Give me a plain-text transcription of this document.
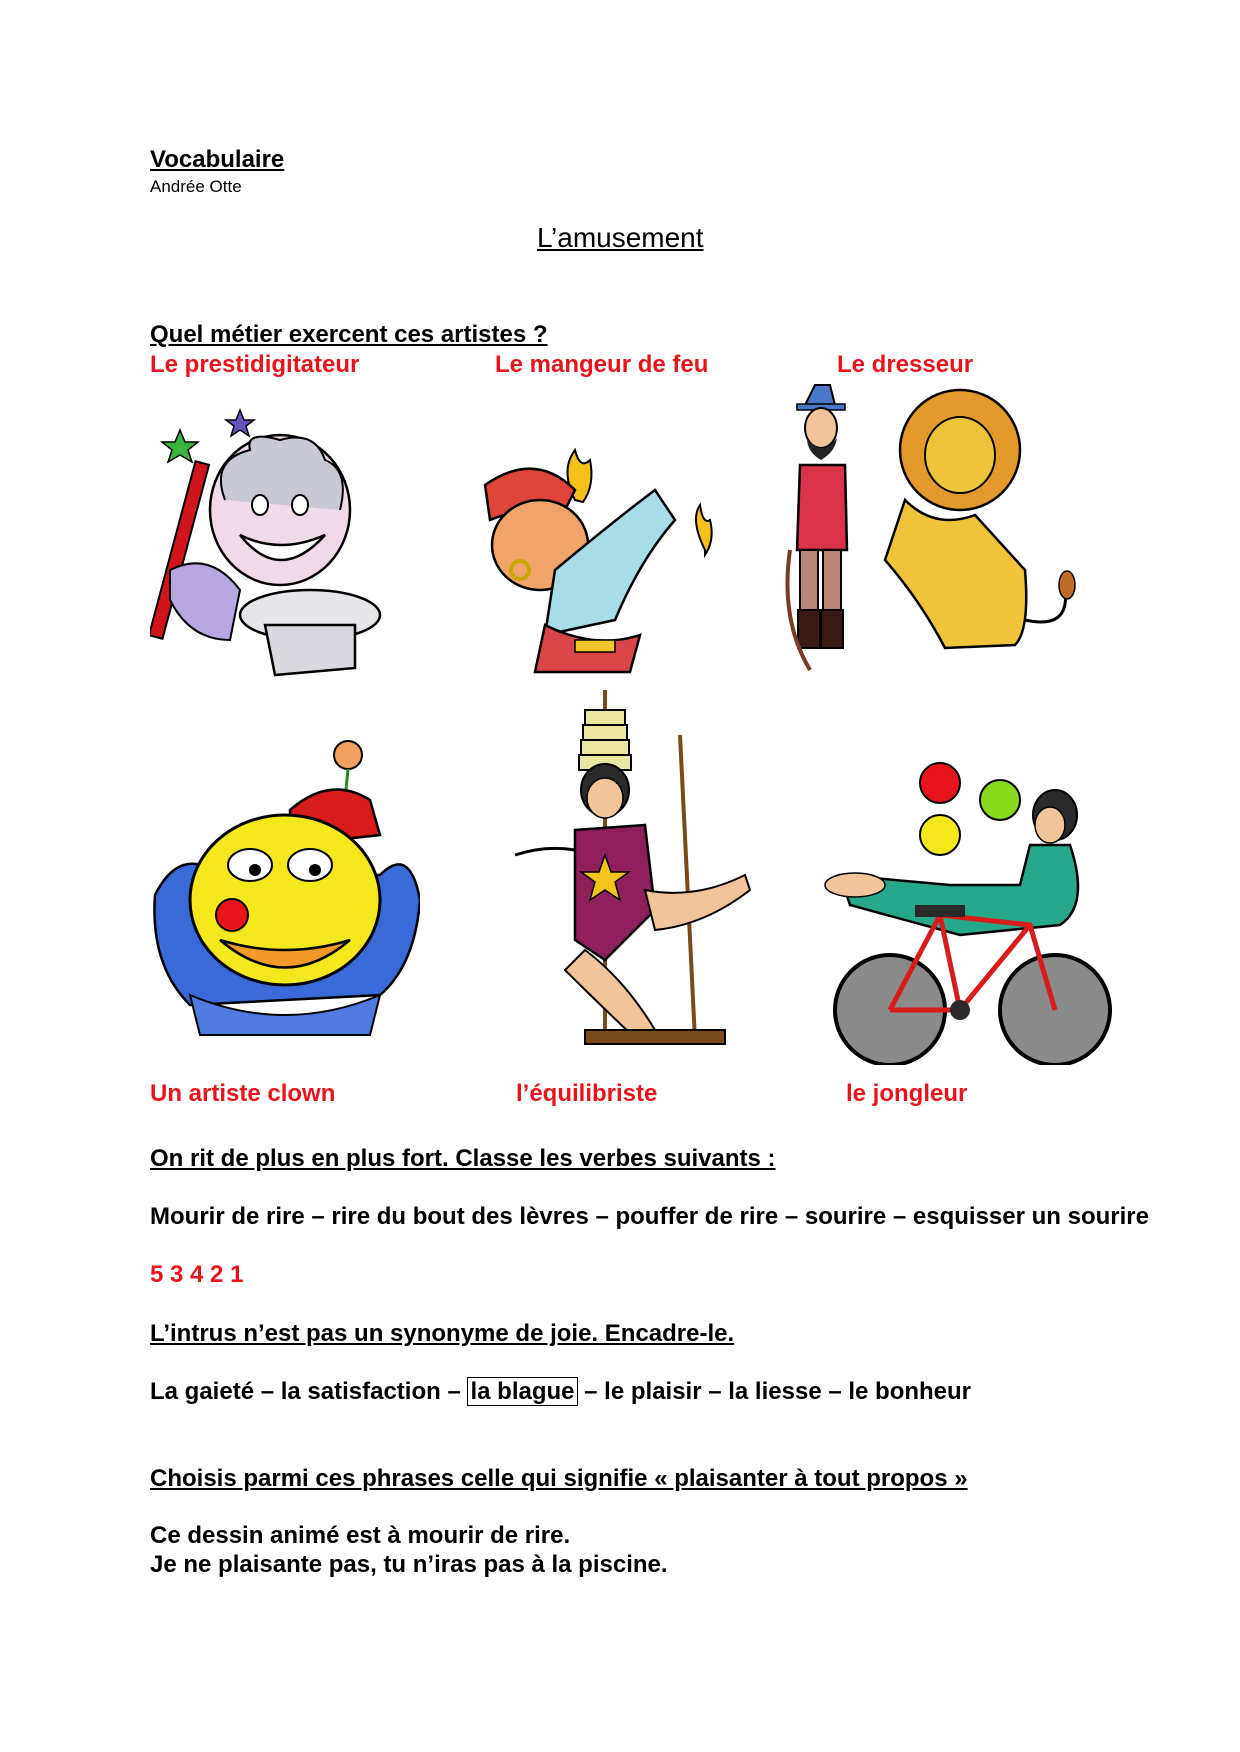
Vocabulaire
Andrée Otte
L’amusement
Quel métier exercent ces artistes ?
Le prestidigitateur	Le mangeur de feu	Le dresseur
Un artiste clown	l’équilibriste	le jongleur
On rit de plus en plus fort. Classe les verbes suivants :
Mourir de rire – rire du bout des lèvres – pouffer de rire – sourire – esquisser un sourire
5 3 4 2 1
L’intrus n’est pas un synonyme de joie. Encadre-le.
La gaieté – la satisfaction – la blague – le plaisir – la liesse – le bonheur
Choisis parmi ces phrases celle qui signifie « plaisanter à tout propos »
Ce dessin animé est à mourir de rire.
Je ne plaisante pas, tu n’iras pas à la piscine.
